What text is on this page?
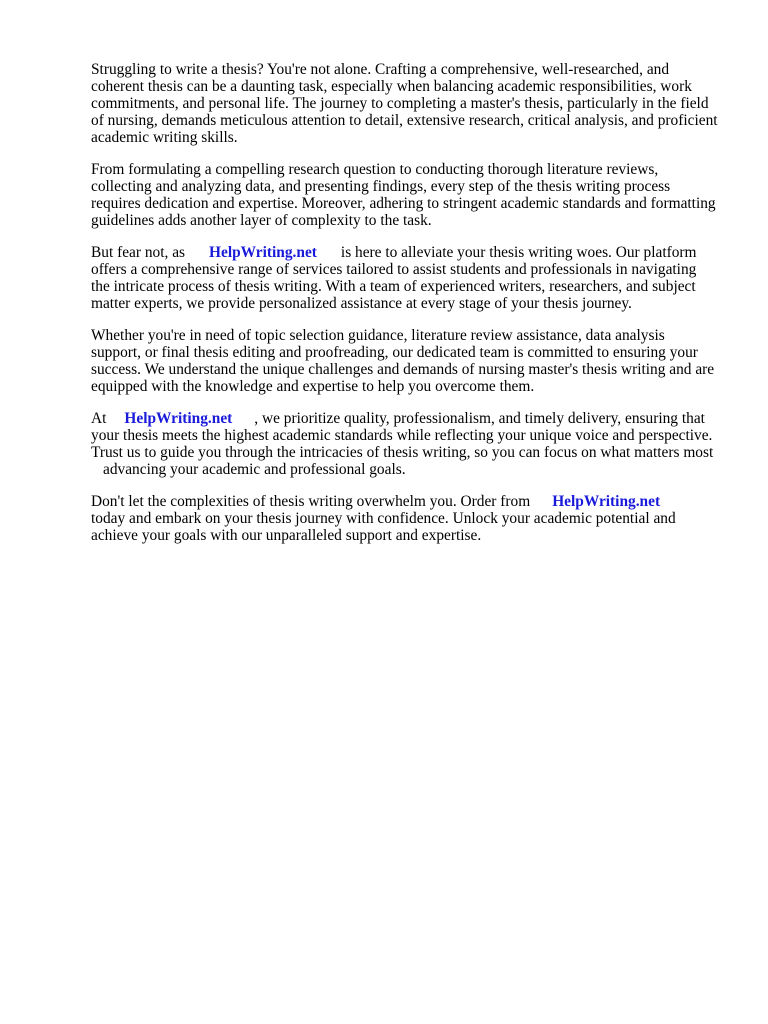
Struggling to write a thesis? You're not alone. Crafting a comprehensive, well-researched, and
coherent thesis can be a daunting task, especially when balancing academic responsibilities, work
commitments, and personal life. The journey to completing a master's thesis, particularly in the field
of nursing, demands meticulous attention to detail, extensive research, critical analysis, and proficient
academic writing skills.

From formulating a compelling research question to conducting thorough literature reviews,
collecting and analyzing data, and presenting findings, every step of the thesis writing process
requires dedication and expertise. Moreover, adhering to stringent academic standards and formatting
guidelines adds another layer of complexity to the task.

But fear not, as HelpWriting.net is here to alleviate your thesis writing woes. Our platform
offers a comprehensive range of services tailored to assist students and professionals in navigating
the intricate process of thesis writing. With a team of experienced writers, researchers, and subject
matter experts, we provide personalized assistance at every stage of your thesis journey.

Whether you're in need of topic selection guidance, literature review assistance, data analysis
support, or final thesis editing and proofreading, our dedicated team is committed to ensuring your
success. We understand the unique challenges and demands of nursing master's thesis writing and are
equipped with the knowledge and expertise to help you overcome them.

At HelpWriting.net , we prioritize quality, professionalism, and timely delivery, ensuring that
your thesis meets the highest academic standards while reflecting your unique voice and perspective.
Trust us to guide you through the intricacies of thesis writing, so you can focus on what matters most
advancing your academic and professional goals.

Don't let the complexities of thesis writing overwhelm you. Order from HelpWriting.net
today and embark on your thesis journey with confidence. Unlock your academic potential and
achieve your goals with our unparalleled support and expertise.
